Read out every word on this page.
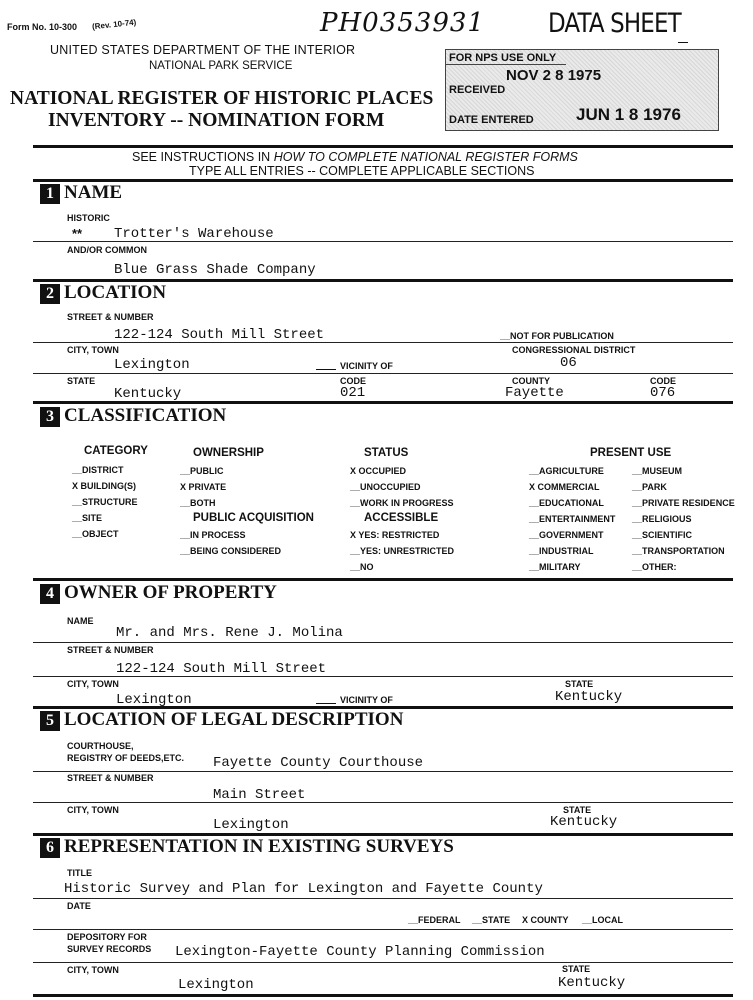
Form No. 10-300 (Rev. 10-74)	PH0353931 DATA SHEET
UNITED STATES DEPARTMENT OF THE INTERIOR
NATIONAL PARK SERVICE
NATIONAL REGISTER OF HISTORIC PLACES
INVENTORY -- NOMINATION FORM
FOR NPS USE ONLY
NOV 2 8 1975
RECEIVED
DATE ENTERED JUN 1 8 1976
SEE INSTRUCTIONS IN HOW TO COMPLETE NATIONAL REGISTER FORMS
TYPE ALL ENTRIES -- COMPLETE APPLICABLE SECTIONS
1 NAME
HISTORIC
** Trotter's Warehouse
AND/OR COMMON
Blue Grass Shade Company
2 LOCATION
STREET & NUMBER
122-124 South Mill Street	__NOT FOR PUBLICATION
CITY, TOWN	CONGRESSIONAL DISTRICT
Lexington	VICINITY OF	06
STATE	CODE	COUNTY	CODE
Kentucky	021	Fayette	076
3 CLASSIFICATION
CATEGORY
__DISTRICT
X BUILDING(S)
__STRUCTURE
__SITE
__OBJECT
OWNERSHIP
__PUBLIC
X PRIVATE
__BOTH
PUBLIC ACQUISITION
__IN PROCESS
__BEING CONSIDERED
STATUS
X OCCUPIED
__UNOCCUPIED
__WORK IN PROGRESS
ACCESSIBLE
X YES: RESTRICTED
__YES: UNRESTRICTED
__NO
PRESENT USE
__AGRICULTURE
X COMMERCIAL
__EDUCATIONAL
__ENTERTAINMENT
__GOVERNMENT
__INDUSTRIAL
__MILITARY
__MUSEUM
__PARK
__PRIVATE RESIDENCE
__RELIGIOUS
__SCIENTIFIC
__TRANSPORTATION
__OTHER:
4 OWNER OF PROPERTY
NAME
Mr. and Mrs. Rene J. Molina
STREET & NUMBER
122-124 South Mill Street
CITY, TOWN	STATE
Lexington	VICINITY OF	Kentucky
5 LOCATION OF LEGAL DESCRIPTION
COURTHOUSE,
REGISTRY OF DEEDS,ETC. Fayette County Courthouse
STREET & NUMBER
Main Street
CITY, TOWN	STATE
Lexington	Kentucky
6 REPRESENTATION IN EXISTING SURVEYS
TITLE
Historic Survey and Plan for Lexington and Fayette County
DATE
__FEDERAL __STATE X COUNTY __LOCAL
DEPOSITORY FOR
SURVEY RECORDS Lexington-Fayette County Planning Commission
CITY, TOWN	STATE
Lexington	Kentucky
